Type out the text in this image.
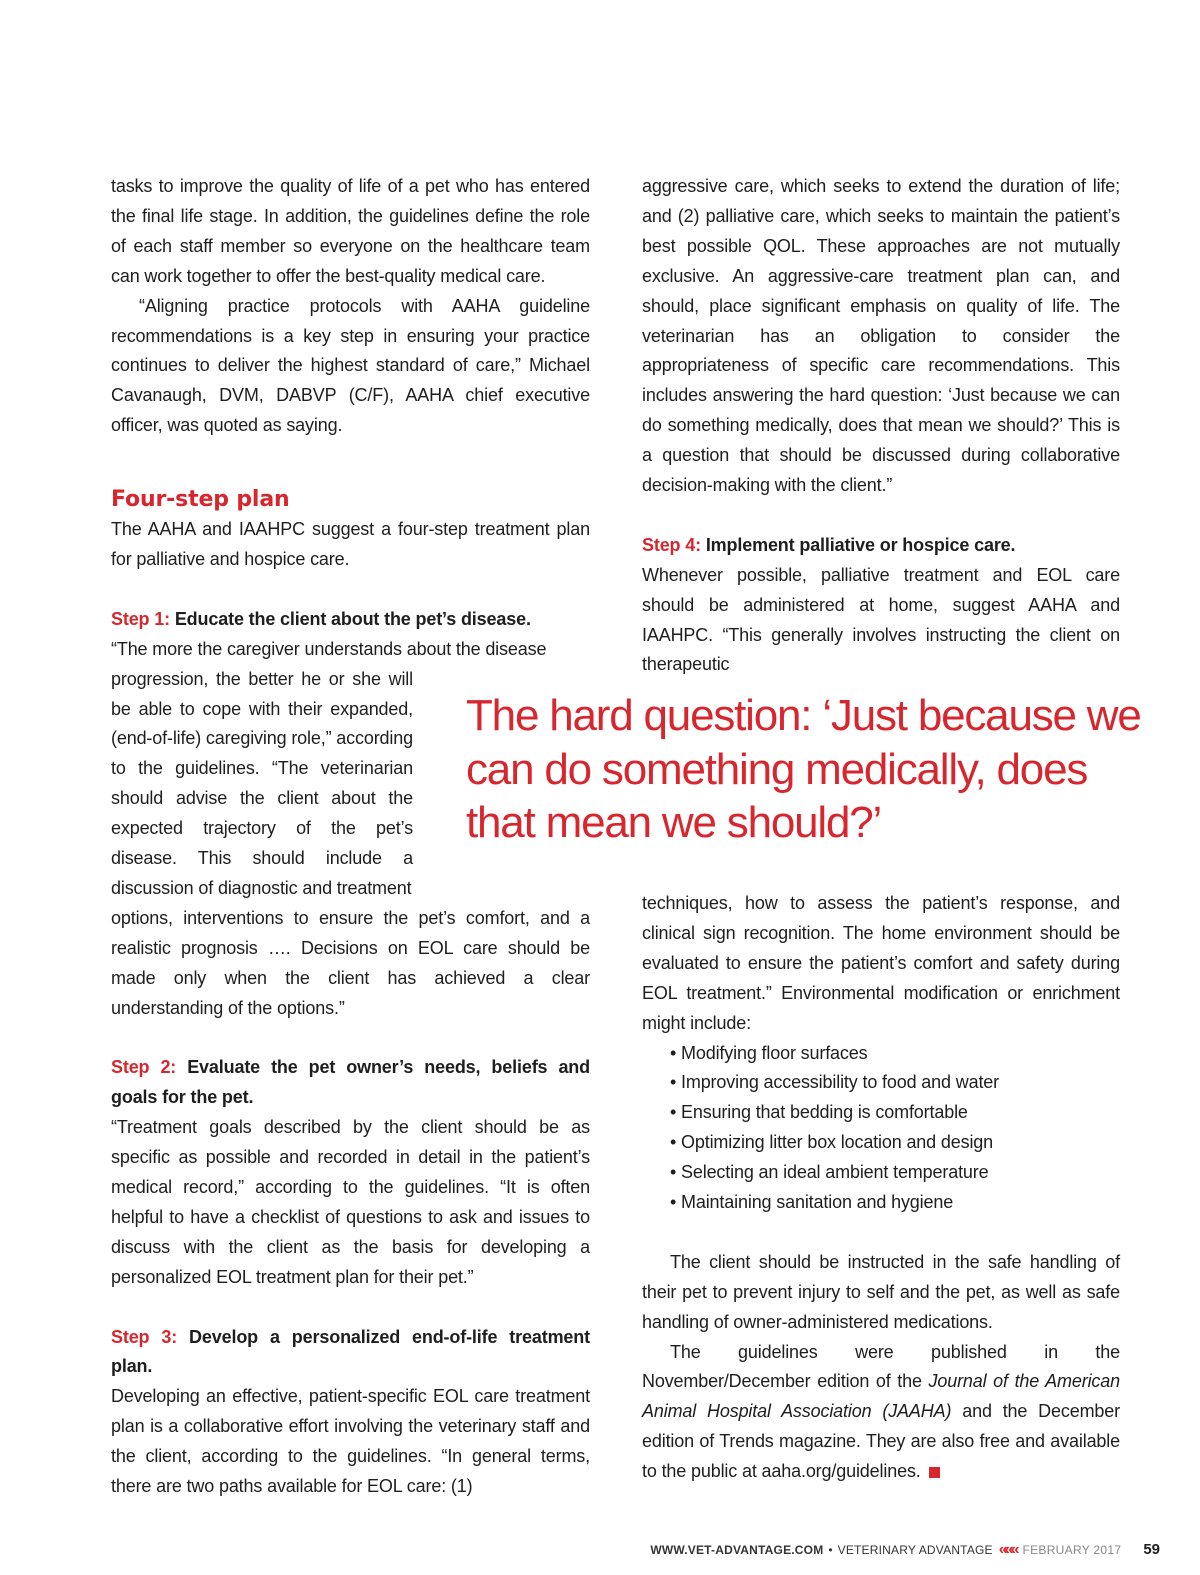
tasks to improve the quality of life of a pet who has entered the final life stage. In addition, the guidelines define the role of each staff member so everyone on the healthcare team can work together to offer the best-quality medical care.

“Aligning practice protocols with AAHA guideline recommendations is a key step in ensuring your practice continues to deliver the highest standard of care,” Michael Cavanaugh, DVM, DABVP (C/F), AAHA chief executive officer, was quoted as saying.

Four-step plan

The AAHA and IAAHPC suggest a four-step treatment plan for palliative and hospice care.

Step 1: Educate the client about the pet’s disease.

“The more the caregiver understands about the disease

progression, the better he or she will be able to cope with their expanded, (end-of-life) caregiving role,” according to the guidelines. “The veterinarian should advise the client about the expected trajectory of the pet’s disease. This should include a discussion of diagnostic and treatment

options, interventions to ensure the pet’s comfort, and a realistic prognosis …. Decisions on EOL care should be made only when the client has achieved a clear understanding of the options.”

Step 2: Evaluate the pet owner’s needs, beliefs and goals for the pet.

“Treatment goals described by the client should be as specific as possible and recorded in detail in the patient’s medical record,” according to the guidelines. “It is often helpful to have a checklist of questions to ask and issues to discuss with the client as the basis for developing a personalized EOL treatment plan for their pet.”

Step 3: Develop a personalized end-of-life treatment plan.

Developing an effective, patient-specific EOL care treatment plan is a collaborative effort involving the veterinary staff and the client, according to the guidelines. “In general terms, there are two paths available for EOL care: (1)

aggressive care, which seeks to extend the duration of life; and (2) palliative care, which seeks to maintain the patient’s best possible QOL. These approaches are not mutually exclusive. An aggressive-care treatment plan can, and should, place significant emphasis on quality of life. The veterinarian has an obligation to consider the appropriateness of specific care recommendations. This includes answering the hard question: ‘Just because we can do something medically, does that mean we should?’ This is a question that should be discussed during collaborative decision-making with the client.”

Step 4: Implement palliative or hospice care.

Whenever possible, palliative treatment and EOL care should be administered at home, suggest AAHA and IAAHPC. “This generally involves instructing the client on therapeutic

The hard question: ‘Just because we can do something medically, does that mean we should?’

techniques, how to assess the patient’s response, and clinical sign recognition. The home environment should be evaluated to ensure the patient’s comfort and safety during EOL treatment.” Environmental modification or enrichment might include:

• Modifying floor surfaces
• Improving accessibility to food and water
• Ensuring that bedding is comfortable
• Optimizing litter box location and design
• Selecting an ideal ambient temperature
• Maintaining sanitation and hygiene

The client should be instructed in the safe handling of their pet to prevent injury to self and the pet, as well as safe handling of owner-administered medications.

The guidelines were published in the November/December edition of the Journal of the American Animal Hospital Association (JAAHA) and the December edition of Trends magazine. They are also free and available to the public at aaha.org/guidelines.

WWW.VET-ADVANTAGE.COM • VETERINARY ADVANTAGE ««« FEBRUARY 2017 59
